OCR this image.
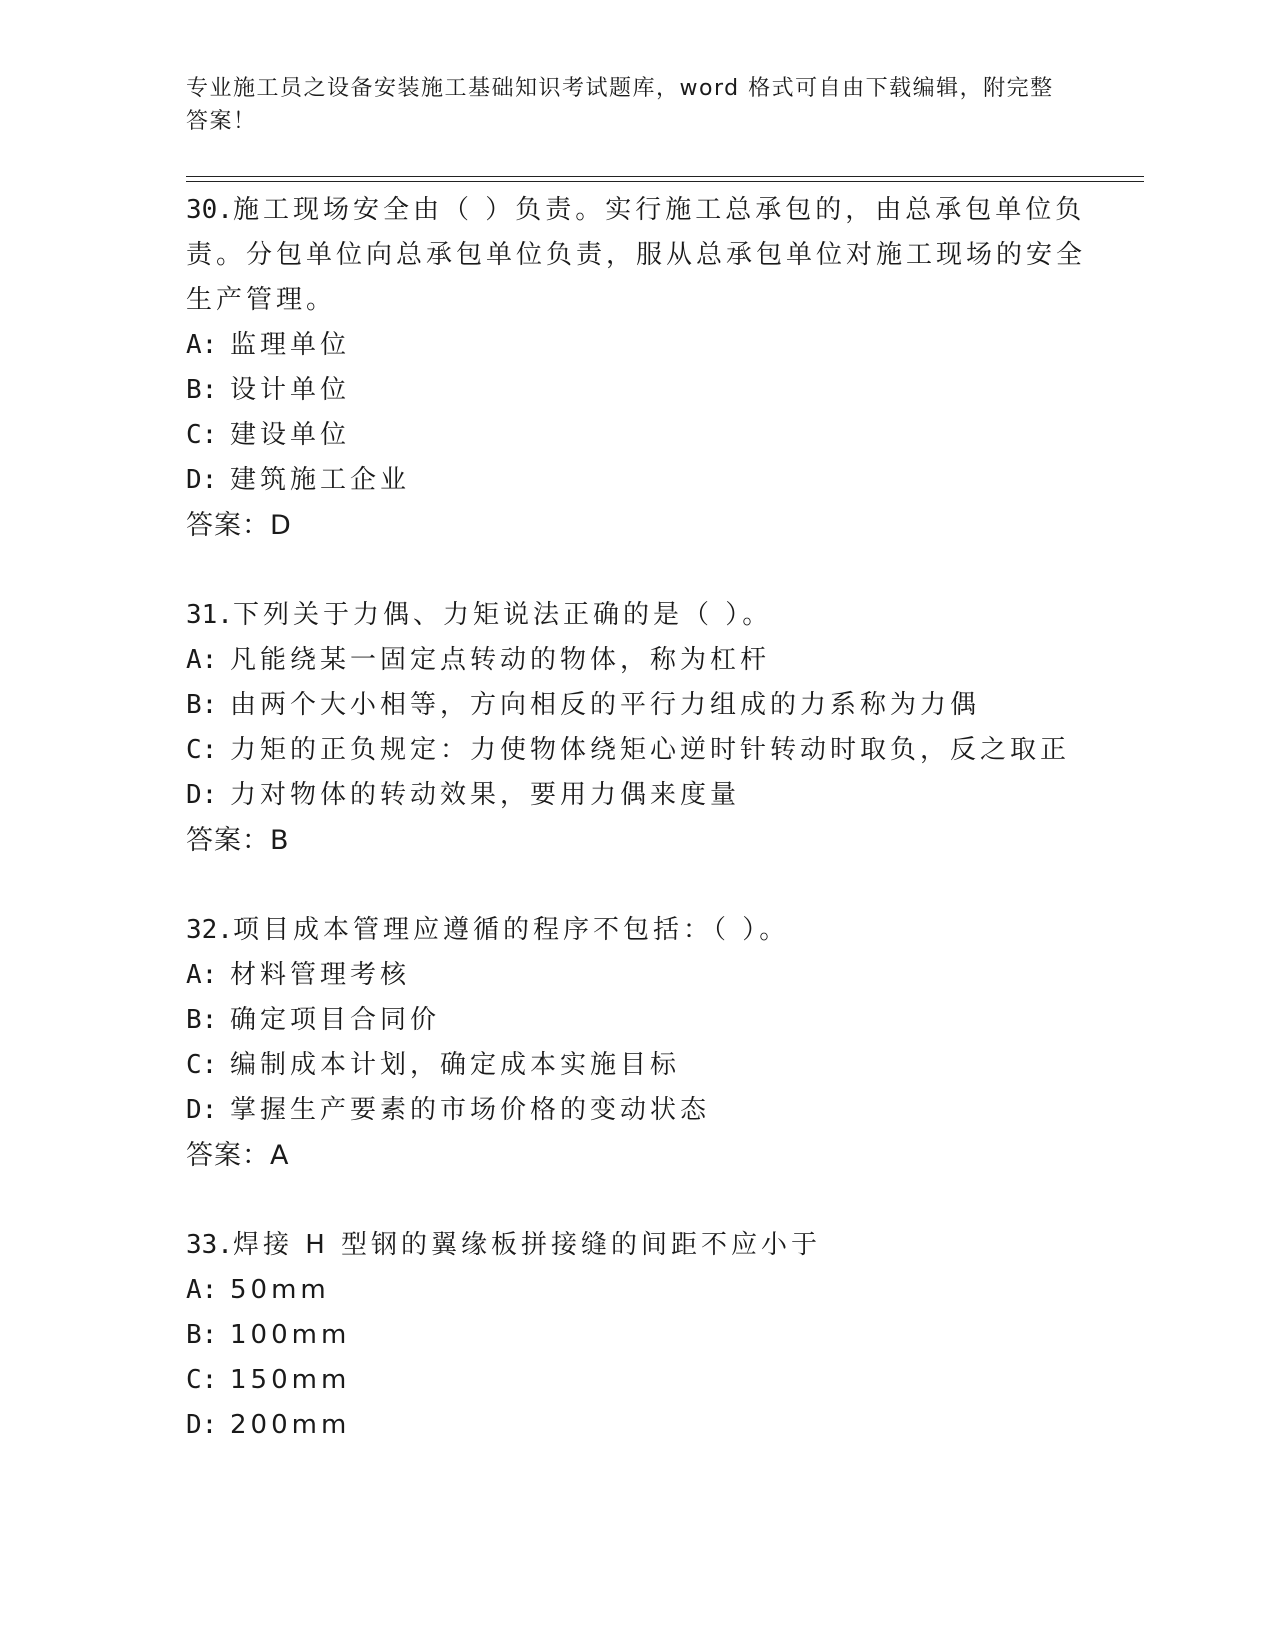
专业施工员之设备安装施工基础知识考试题库，word 格式可自由下载编辑，附完整答案！
30.施工现场安全由（ ）负责。实行施工总承包的，由总承包单位负责。分包单位向总承包单位负责，服从总承包单位对施工现场的安全生产管理。
A: 监理单位
B: 设计单位
C: 建设单位
D: 建筑施工企业
答案：D
31.下列关于力偶、力矩说法正确的是（ ）。
A: 凡能绕某一固定点转动的物体，称为杠杆
B: 由两个大小相等，方向相反的平行力组成的力系称为力偶
C: 力矩的正负规定：力使物体绕矩心逆时针转动时取负，反之取正
D: 力对物体的转动效果，要用力偶来度量
答案：B
32.项目成本管理应遵循的程序不包括：（ ）。
A: 材料管理考核
B: 确定项目合同价
C: 编制成本计划，确定成本实施目标
D: 掌握生产要素的市场价格的变动状态
答案：A
33.焊接 H 型钢的翼缘板拼接缝的间距不应小于
A: 50mm
B: 100mm
C: 150mm
D: 200mm
